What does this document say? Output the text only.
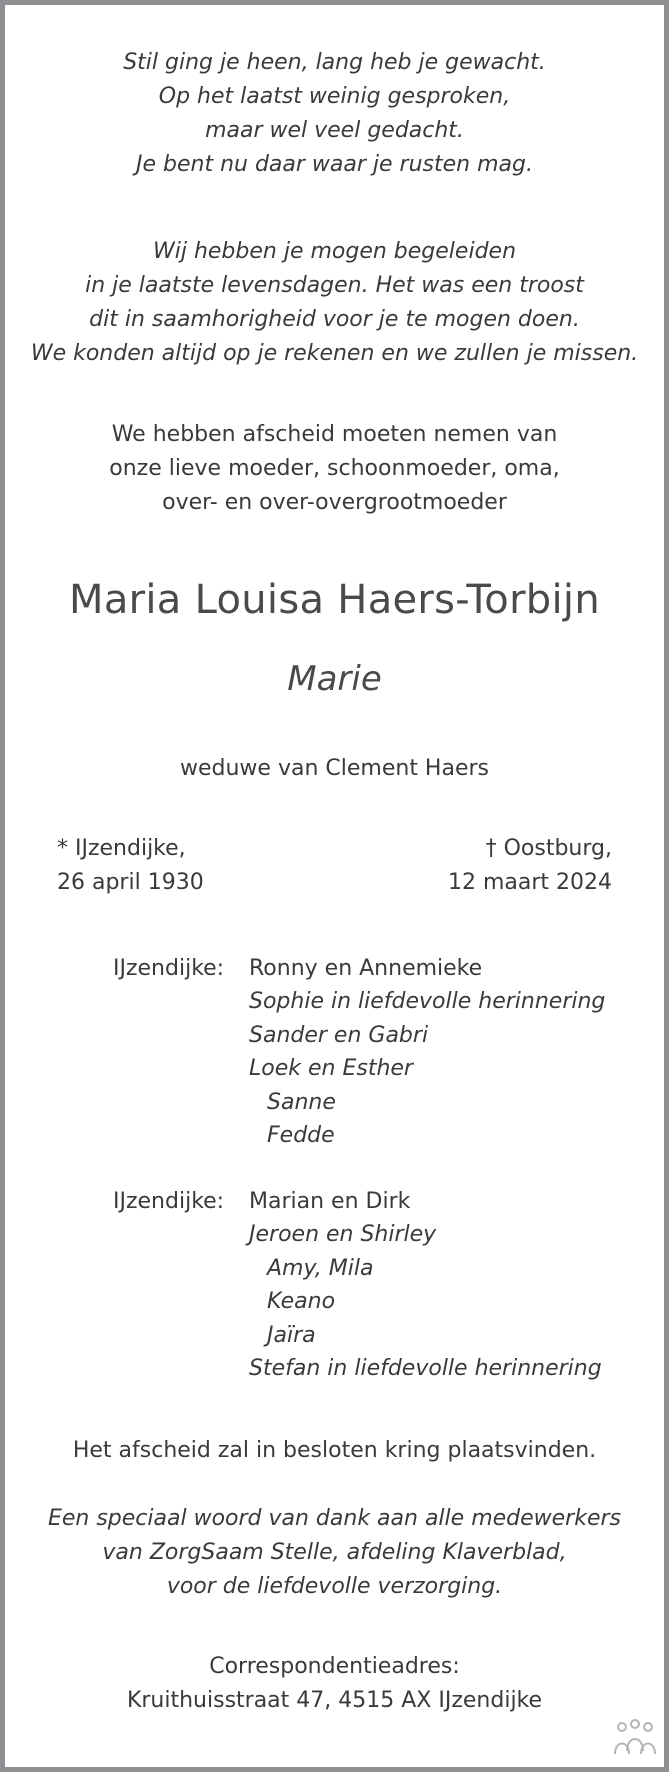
Stil ging je heen, lang heb je gewacht.
Op het laatst weinig gesproken,
maar wel veel gedacht.
Je bent nu daar waar je rusten mag.
Wij hebben je mogen begeleiden
in je laatste levensdagen. Het was een troost
dit in saamhorigheid voor je te mogen doen.
We konden altijd op je rekenen en we zullen je missen.
We hebben afscheid moeten nemen van
onze lieve moeder, schoonmoeder, oma,
over- en over-overgrootmoeder
Maria Louisa Haers-Torbijn
Marie
weduwe van Clement Haers
* IJzendijke,
26 april 1930
† Oostburg,
12 maart 2024
IJzendijke: Ronny en Annemieke
Sophie in liefdevolle herinnering
Sander en Gabri
Loek en Esther
Sanne
Fedde
IJzendijke: Marian en Dirk
Jeroen en Shirley
Amy, Mila
Keano
Jaïra
Stefan in liefdevolle herinnering
Het afscheid zal in besloten kring plaatsvinden.
Een speciaal woord van dank aan alle medewerkers
van ZorgSaam Stelle, afdeling Klaverblad,
voor de liefdevolle verzorging.
Correspondentieadres:
Kruithuisstraat 47, 4515 AX IJzendijke
